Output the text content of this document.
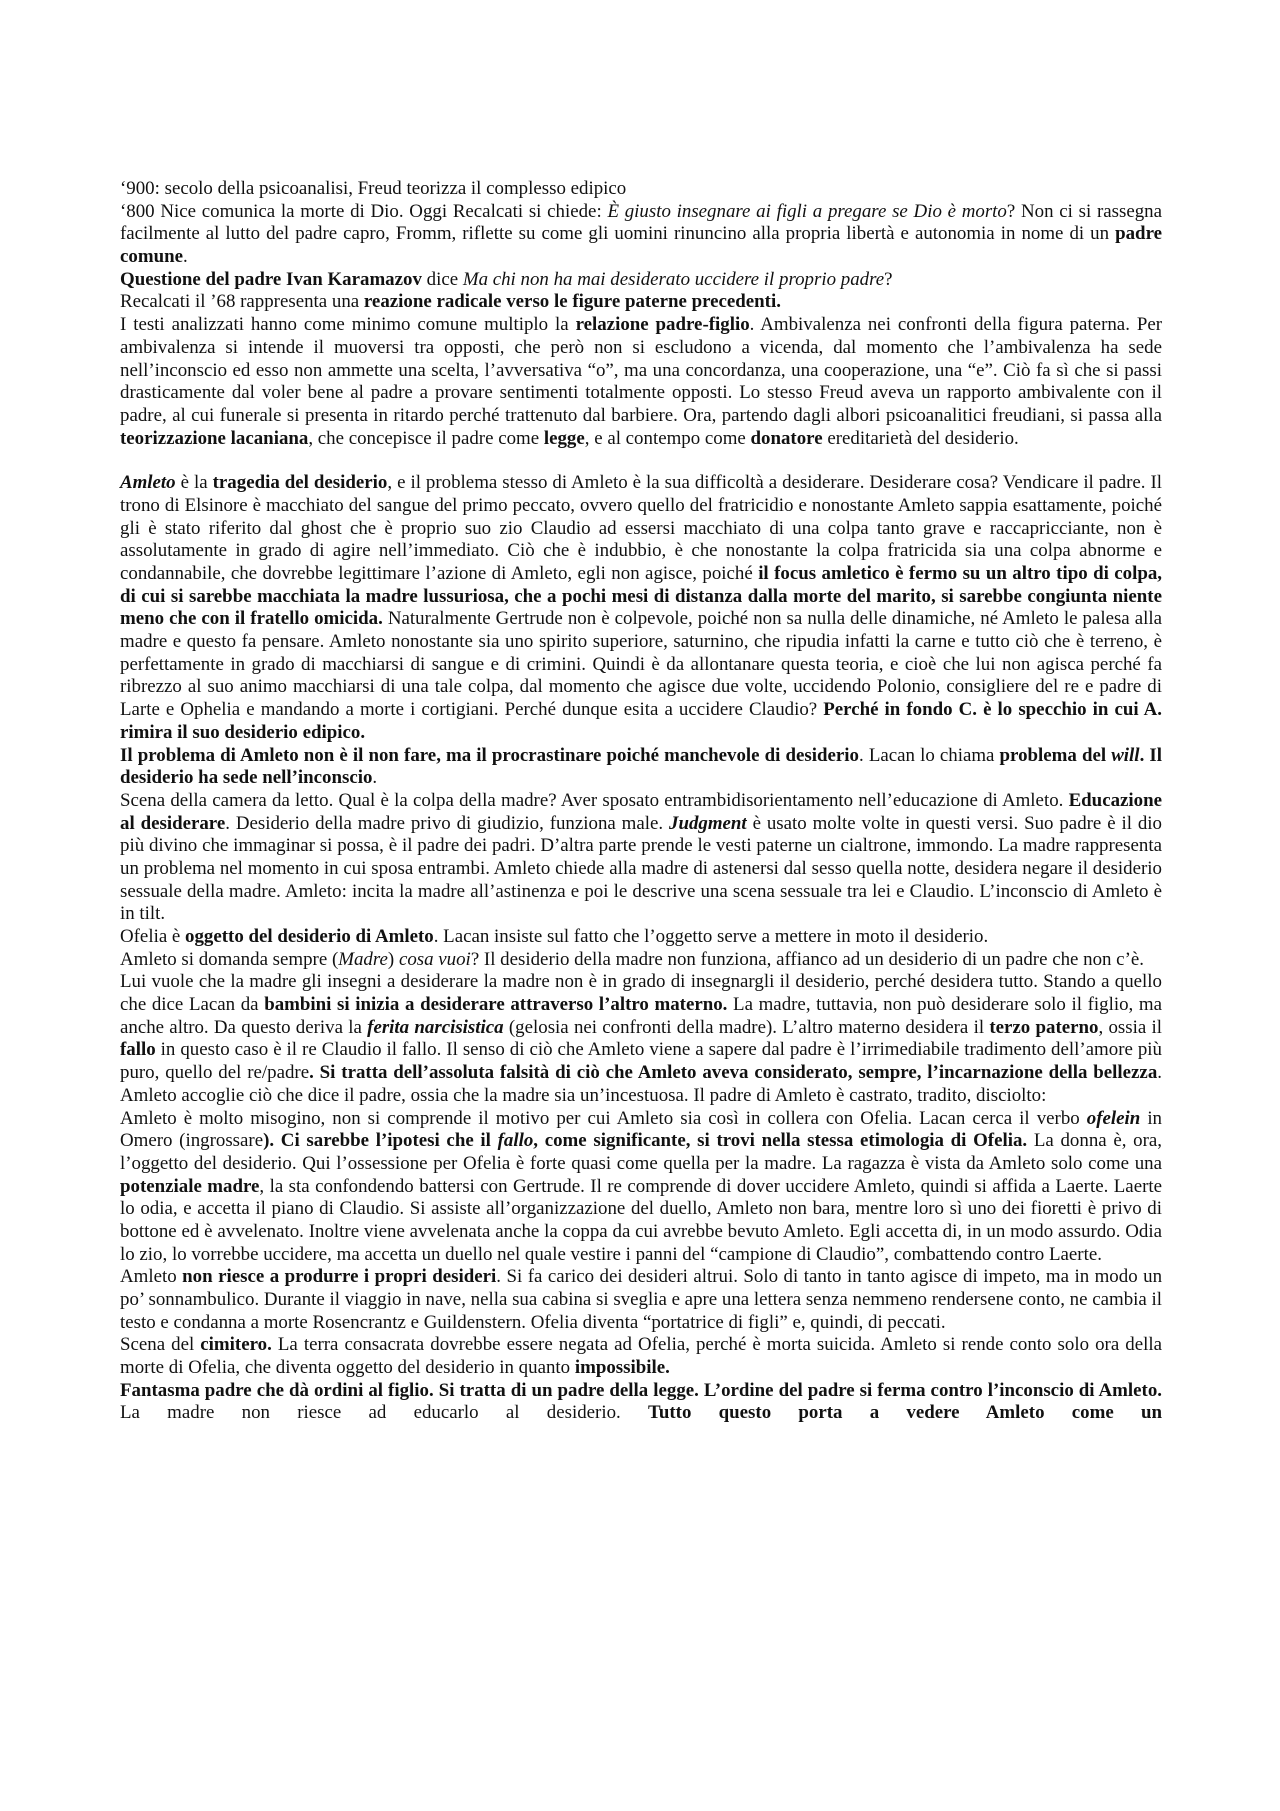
‘900: secolo della psicoanalisi, Freud teorizza il complesso edipico

‘800 Nice comunica la morte di Dio. Oggi Recalcati si chiede: È giusto insegnare ai figli a pregare se Dio è morto? Non ci si rassegna facilmente al lutto del padre capro, Fromm, riflette su come gli uomini rinuncino alla propria libertà e autonomia in nome di un padre comune.

Questione del padre Ivan Karamazov dice Ma chi non ha mai desiderato uccidere il proprio padre?

Recalcati il ’68 rappresenta una reazione radicale verso le figure paterne precedenti.

I testi analizzati hanno come minimo comune multiplo la relazione padre-figlio. Ambivalenza nei confronti della figura paterna. Per ambivalenza si intende il muoversi tra opposti, che però non si escludono a vicenda, dal momento che l’ambivalenza ha sede nell’inconscio ed esso non ammette una scelta, l’avversativa “o”, ma una concordanza, una cooperazione, una “e”. Ciò fa sì che si passi drasticamente dal voler bene al padre a provare sentimenti totalmente opposti. Lo stesso Freud aveva un rapporto ambivalente con il padre, al cui funerale si presenta in ritardo perché trattenuto dal barbiere. Ora, partendo dagli albori psicoanalitici freudiani, si passa alla teorizzazione lacaniana, che concepisce il padre come legge, e al contempo come donatore ereditarietà del desiderio.

Amleto è la tragedia del desiderio, e il problema stesso di Amleto è la sua difficoltà a desiderare. Desiderare cosa? Vendicare il padre. Il trono di Elsinore è macchiato del sangue del primo peccato, ovvero quello del fratricidio e nonostante Amleto sappia esattamente, poiché gli è stato riferito dal ghost che è proprio suo zio Claudio ad essersi macchiato di una colpa tanto grave e raccapricciante, non è assolutamente in grado di agire nell’immediato. Ciò che è indubbio, è che nonostante la colpa fratricida sia una colpa abnorme e condannabile, che dovrebbe legittimare l’azione di Amleto, egli non agisce, poiché il focus amletico è fermo su un altro tipo di colpa, di cui si sarebbe macchiata la madre lussuriosa, che a pochi mesi di distanza dalla morte del marito, si sarebbe congiunta niente meno che con il fratello omicida. Naturalmente Gertrude non è colpevole, poiché non sa nulla delle dinamiche, né Amleto le palesa alla madre e questo fa pensare. Amleto nonostante sia uno spirito superiore, saturnino, che ripudia infatti la carne e tutto ciò che è terreno, è perfettamente in grado di macchiarsi di sangue e di crimini. Quindi è da allontanare questa teoria, e cioè che lui non agisca perché fa ribrezzo al suo animo macchiarsi di una tale colpa, dal momento che agisce due volte, uccidendo Polonio, consigliere del re e padre di Larte e Ophelia e mandando a morte i cortigiani. Perché dunque esita a uccidere Claudio? Perché in fondo C. è lo specchio in cui A. rimira il suo desiderio edipico.

Il problema di Amleto non è il non fare, ma il procrastinare poiché manchevole di desiderio. Lacan lo chiama problema del will. Il desiderio ha sede nell’inconscio.

Scena della camera da letto. Qual è la colpa della madre? Aver sposato entrambidisorientamento nell’educazione di Amleto. Educazione al desiderare. Desiderio della madre privo di giudizio, funziona male. Judgment è usato molte volte in questi versi. Suo padre è il dio più divino che immaginar si possa, è il padre dei padri. D’altra parte prende le vesti paterne un cialtrone, immondo. La madre rappresenta un problema nel momento in cui sposa entrambi. Amleto chiede alla madre di astenersi dal sesso quella notte, desidera negare il desiderio sessuale della madre. Amleto: incita la madre all’astinenza e poi le descrive una scena sessuale tra lei e Claudio. L’inconscio di Amleto è in tilt.

Ofelia è oggetto del desiderio di Amleto. Lacan insiste sul fatto che l’oggetto serve a mettere in moto il desiderio.

Amleto si domanda sempre (Madre) cosa vuoi? Il desiderio della madre non funziona, affianco ad un desiderio di un padre che non c’è.

Lui vuole che la madre gli insegni a desiderare la madre non è in grado di insegnargli il desiderio, perché desidera tutto. Stando a quello che dice Lacan da bambini si inizia a desiderare attraverso l’altro materno. La madre, tuttavia, non può desiderare solo il figlio, ma anche altro. Da questo deriva la ferita narcisistica (gelosia nei confronti della madre). L’altro materno desidera il terzo paterno, ossia il fallo in questo caso è il re Claudio il fallo. Il senso di ciò che Amleto viene a sapere dal padre è l’irrimediabile tradimento dell’amore più puro, quello del re/padre. Si tratta dell’assoluta falsità di ciò che Amleto aveva considerato, sempre, l’incarnazione della bellezza. Amleto accoglie ciò che dice il padre, ossia che la madre sia un’incestuosa. Il padre di Amleto è castrato, tradito, disciolto:

Amleto è molto misogino, non si comprende il motivo per cui Amleto sia così in collera con Ofelia. Lacan cerca il verbo ofelein in Omero (ingrossare). Ci sarebbe l’ipotesi che il fallo, come significante, si trovi nella stessa etimologia di Ofelia. La donna è, ora, l’oggetto del desiderio. Qui l’ossessione per Ofelia è forte quasi come quella per la madre. La ragazza è vista da Amleto solo come una potenziale madre, la sta confondendo battersi con Gertrude. Il re comprende di dover uccidere Amleto, quindi si affida a Laerte. Laerte lo odia, e accetta il piano di Claudio. Si assiste all’organizzazione del duello, Amleto non bara, mentre loro sì uno dei fioretti è privo di bottone ed è avvelenato. Inoltre viene avvelenata anche la coppa da cui avrebbe bevuto Amleto. Egli accetta di, in un modo assurdo. Odia lo zio, lo vorrebbe uccidere, ma accetta un duello nel quale vestire i panni del “campione di Claudio”, combattendo contro Laerte.

Amleto non riesce a produrre i propri desideri. Si fa carico dei desideri altrui. Solo di tanto in tanto agisce di impeto, ma in modo un po’ sonnambulico. Durante il viaggio in nave, nella sua cabina si sveglia e apre una lettera senza nemmeno rendersene conto, ne cambia il testo e condanna a morte Rosencrantz e Guildenstern. Ofelia diventa “portatrice di figli” e, quindi, di peccati.

Scena del cimitero. La terra consacrata dovrebbe essere negata ad Ofelia, perché è morta suicida. Amleto si rende conto solo ora della morte di Ofelia, che diventa oggetto del desiderio in quanto impossibile.

Fantasma padre che dà ordini al figlio. Si tratta di un padre della legge. L’ordine del padre si ferma contro l’inconscio di Amleto. La madre non riesce ad educarlo al desiderio. Tutto questo porta a vedere Amleto come un
